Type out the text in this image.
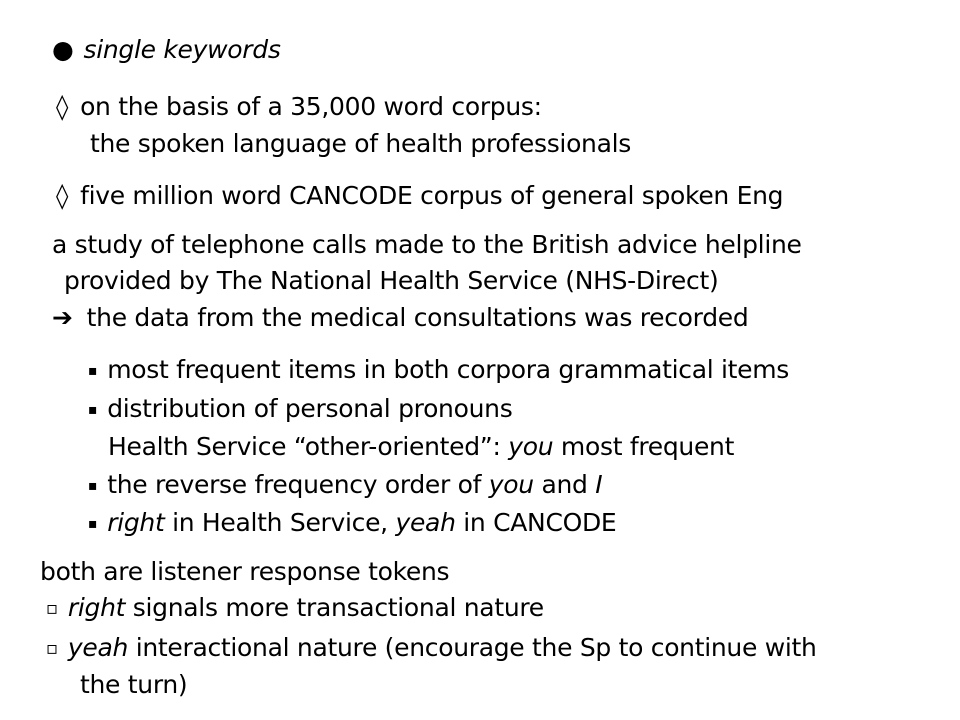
● single keywords
◊ on the basis of a 35,000 word corpus:
the spoken language of health professionals
◊ five million word CANCODE corpus of general spoken Eng
a study of telephone calls made to the British advice helpline
provided by The National Health Service (NHS-Direct)
➔ the data from the medical consultations was recorded
▪ most frequent items in both corpora grammatical items
▪ distribution of personal pronouns
Health Service “other-oriented”: you most frequent
▪ the reverse frequency order of you and I
▪ right in Health Service, yeah in CANCODE
both are listener response tokens
▫ right signals more transactional nature
▫ yeah interactional nature (encourage the Sp to continue with
the turn)
